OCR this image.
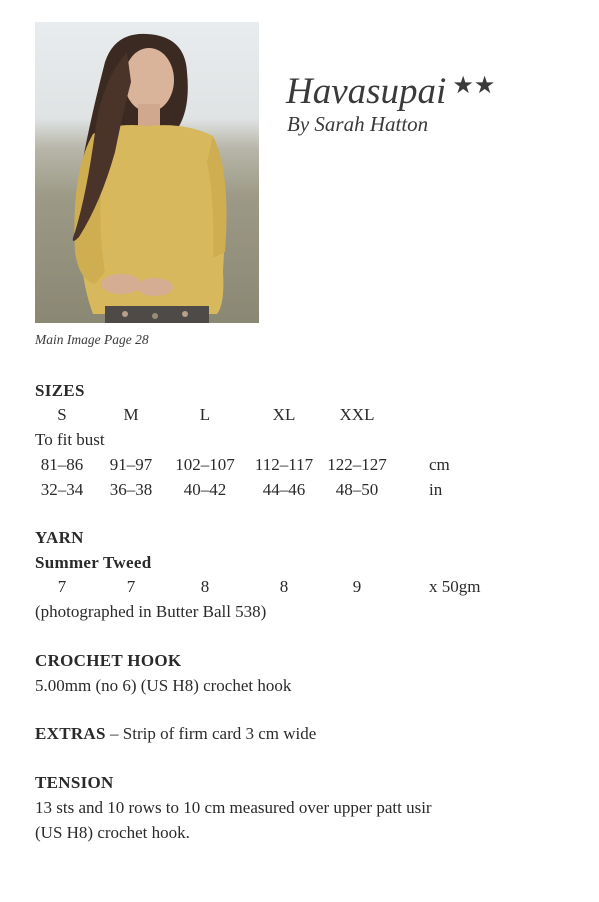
Havasupai ★★
By Sarah Hatton
Main Image Page 28
SIZES
S	M	L	XL	XXL
To fit bust
81–86 91–97 102–107 112–117 122–127 cm
32–34 36–38 40–42 44–46 48–50	in
YARN
Summer Tweed
7	7	8	8	9	x 50gm
(photographed in Butter Ball 538)
CROCHET HOOK
5.00mm (no 6) (US H8) crochet hook
EXTRAS – Strip of firm card 3 cm wide
TENSION
13 sts and 10 rows to 10 cm measured over upper patt usir
(US H8) crochet hook.
